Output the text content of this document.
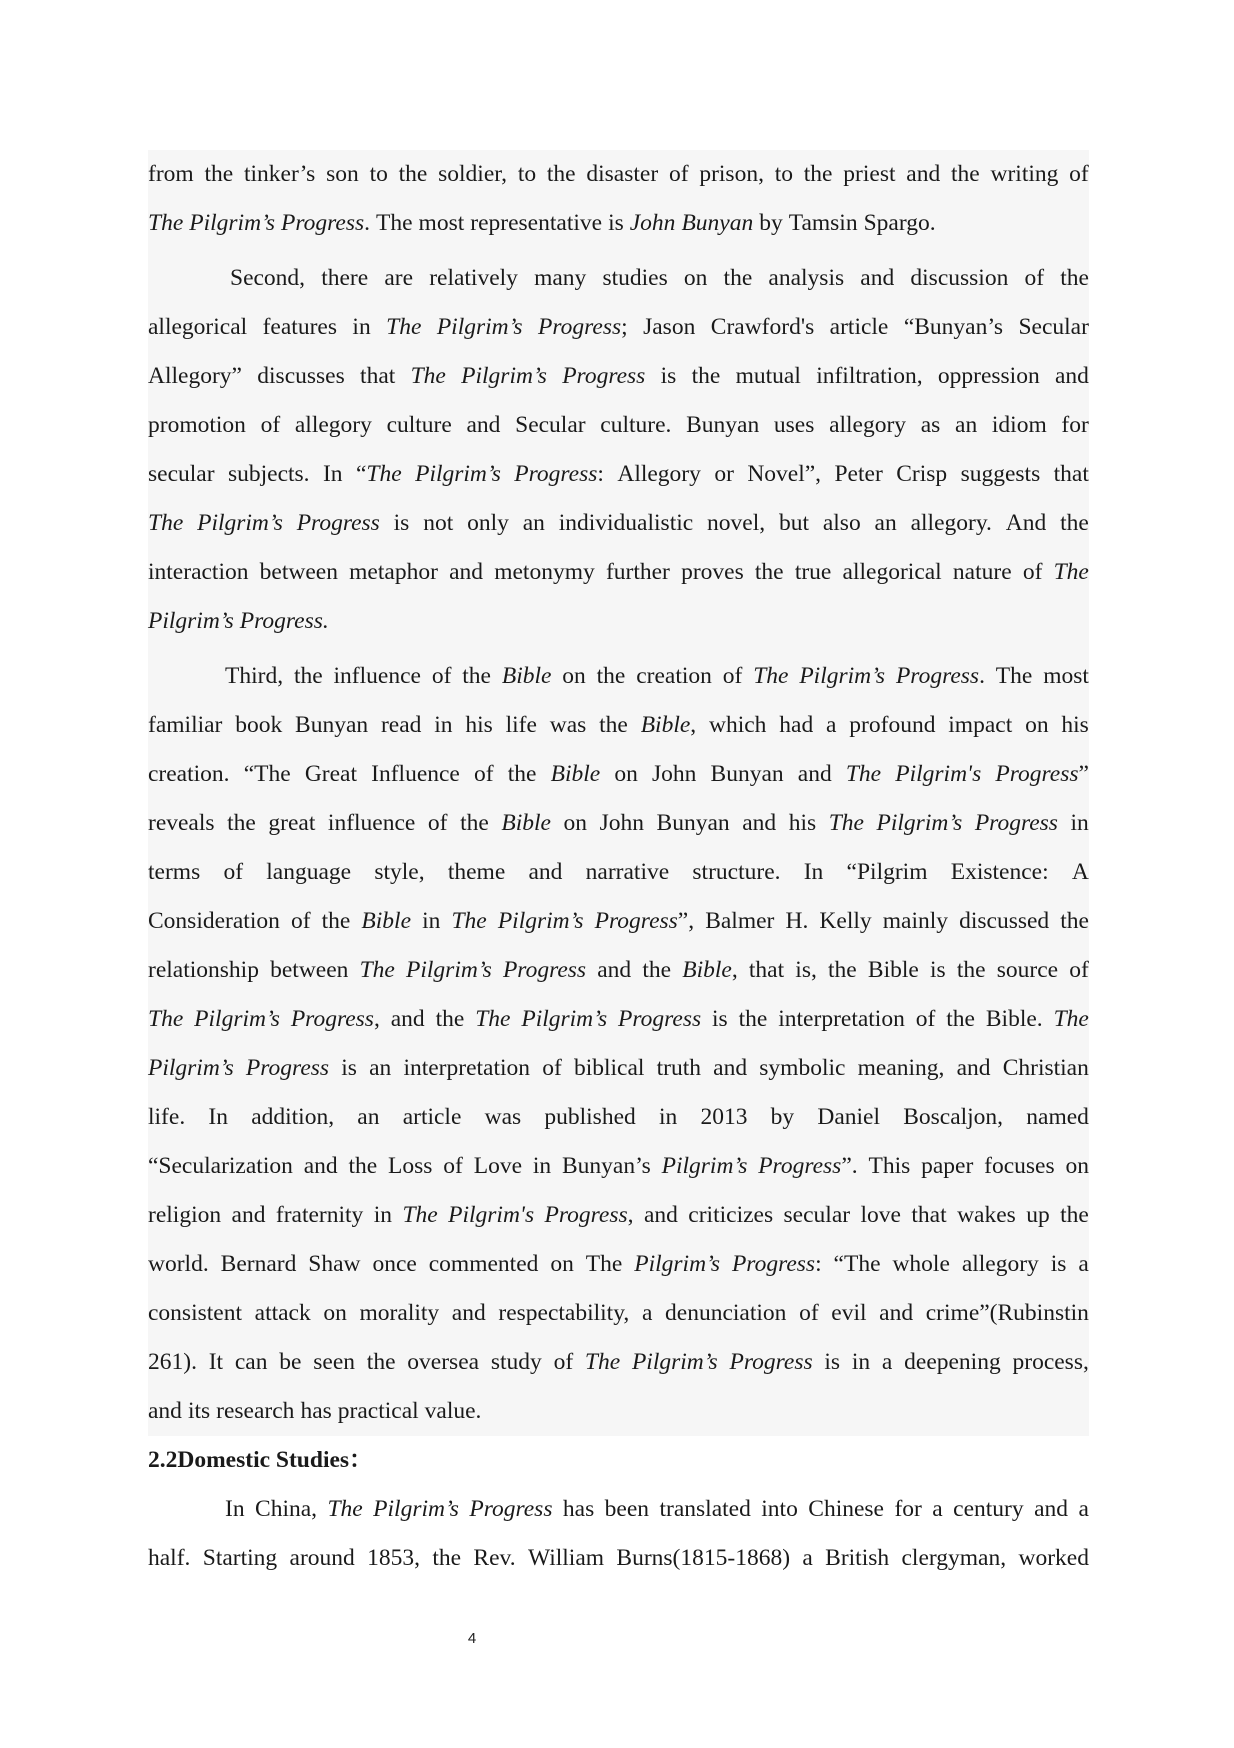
from the tinker’s son to the soldier, to the disaster of prison, to the priest and the writing of
The Pilgrim’s Progress. The most representative is John Bunyan by Tamsin Spargo.
Second, there are relatively many studies on the analysis and discussion of the
allegorical features in The Pilgrim’s Progress; Jason Crawford's article “Bunyan’s Secular
Allegory” discusses that The Pilgrim’s Progress is the mutual infiltration, oppression and
promotion of allegory culture and Secular culture. Bunyan uses allegory as an idiom for
secular subjects. In “The Pilgrim’s Progress: Allegory or Novel”, Peter Crisp suggests that
The Pilgrim’s Progress is not only an individualistic novel, but also an allegory. And the
interaction between metaphor and metonymy further proves the true allegorical nature of The
Pilgrim’s Progress.
Third, the influence of the Bible on the creation of The Pilgrim’s Progress. The most
familiar book Bunyan read in his life was the Bible, which had a profound impact on his
creation. “The Great Influence of the Bible on John Bunyan and The Pilgrim's Progress”
reveals the great influence of the Bible on John Bunyan and his The Pilgrim’s Progress in
terms of language style, theme and narrative structure. In “Pilgrim Existence: A
Consideration of the Bible in The Pilgrim’s Progress”, Balmer H. Kelly mainly discussed the
relationship between The Pilgrim’s Progress and the Bible, that is, the Bible is the source of
The Pilgrim’s Progress, and the The Pilgrim’s Progress is the interpretation of the Bible. The
Pilgrim’s Progress is an interpretation of biblical truth and symbolic meaning, and Christian
life. In addition, an article was published in 2013 by Daniel Boscaljon, named
“Secularization and the Loss of Love in Bunyan’s Pilgrim’s Progress”. This paper focuses on
religion and fraternity in The Pilgrim's Progress, and criticizes secular love that wakes up the
world. Bernard Shaw once commented on The Pilgrim’s Progress: “The whole allegory is a
consistent attack on morality and respectability, a denunciation of evil and crime”(Rubinstin
261). It can be seen the oversea study of The Pilgrim’s Progress is in a deepening process,
and its research has practical value.
2.2Domestic Studies：
In China, The Pilgrim’s Progress has been translated into Chinese for a century and a
half. Starting around 1853, the Rev. William Burns(1815-1868) a British clergyman, worked
4
